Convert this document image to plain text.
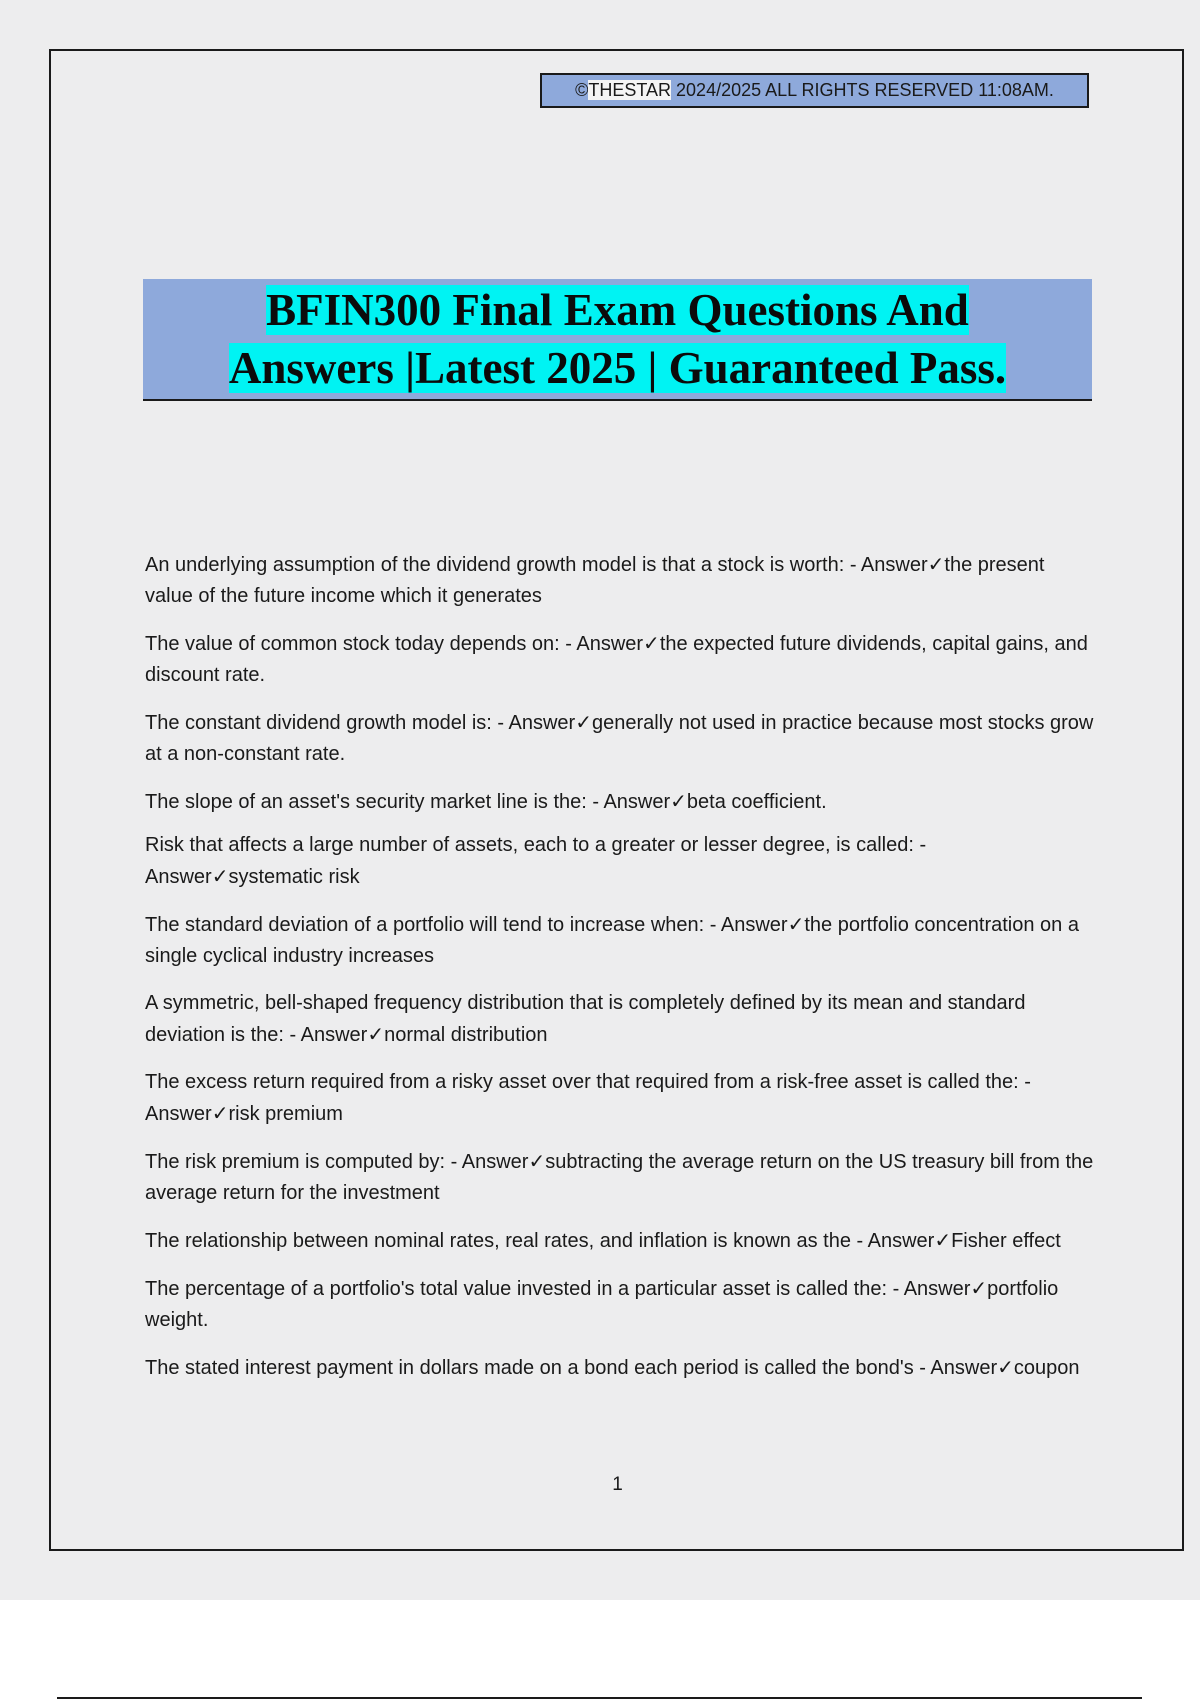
©THESTAR 2024/2025 ALL RIGHTS RESERVED 11:08AM.
BFIN300 Final Exam Questions And
Answers |Latest 2025 | Guaranteed Pass.
An underlying assumption of the dividend growth model is that a stock is worth: - Answer✓the present value of the future income which it generates
The value of common stock today depends on: - Answer✓the expected future dividends, capital gains, and discount rate.
The constant dividend growth model is: - Answer✓generally not used in practice because most stocks grow at a non-constant rate.
The slope of an asset's security market line is the: - Answer✓beta coefficient.
Risk that affects a large number of assets, each to a greater or lesser degree, is called: - Answer✓systematic risk
The standard deviation of a portfolio will tend to increase when: - Answer✓the portfolio concentration on a single cyclical industry increases
A symmetric, bell-shaped frequency distribution that is completely defined by its mean and standard deviation is the: - Answer✓normal distribution
The excess return required from a risky asset over that required from a risk-free asset is called the: - Answer✓risk premium
The risk premium is computed by: - Answer✓subtracting the average return on the US treasury bill from the average return for the investment
The relationship between nominal rates, real rates, and inflation is known as the - Answer✓Fisher effect
The percentage of a portfolio's total value invested in a particular asset is called the: - Answer✓portfolio weight.
The stated interest payment in dollars made on a bond each period is called the bond's - Answer✓coupon
1
